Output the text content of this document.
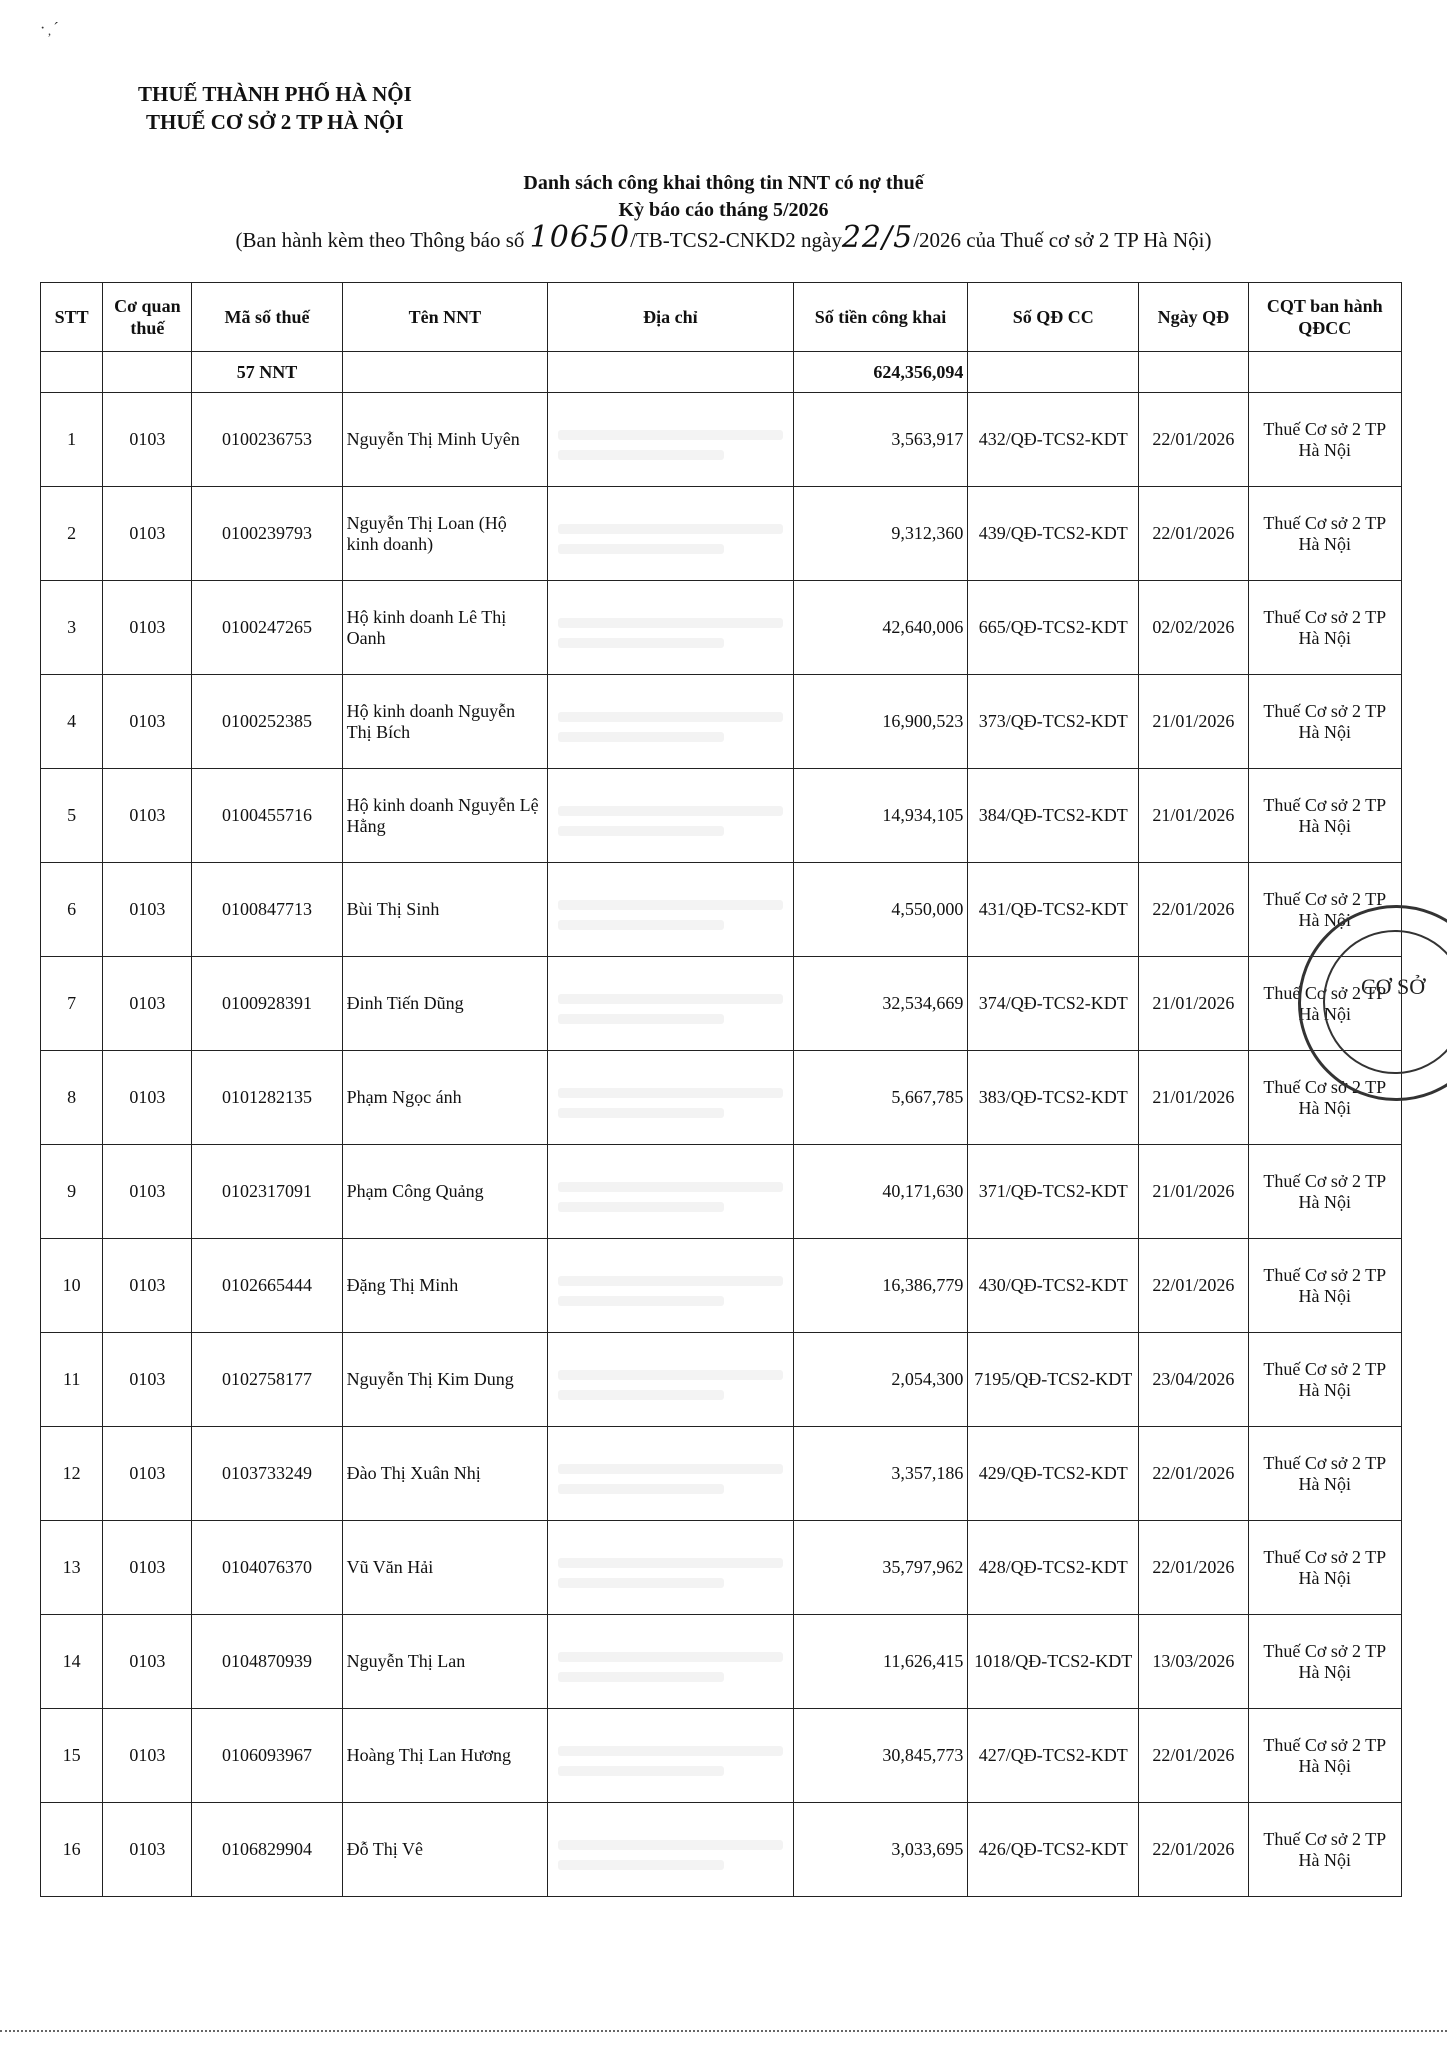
· ̦ ´
THUẾ THÀNH PHỐ HÀ NỘI
THUẾ CƠ SỞ 2 TP HÀ NỘI
Danh sách công khai thông tin NNT có nợ thuế
Kỳ báo cáo tháng 5/2026
(Ban hành kèm theo Thông báo số 10650/TB-TCS2-CNKD2 ngày22/5/2026 của Thuế cơ sở 2 TP Hà Nội)
STT	Cơ quan thuế	Mã số thuế	Tên NNT	Địa chỉ	Số tiền công khai	Số QĐ CC	Ngày QĐ	CQT ban hành QĐCC
		57 NNT			624,356,094			
1	0103	0100236753	Nguyễn Thị Minh Uyên		3,563,917	432/QĐ-TCS2-KDT	22/01/2026	Thuế Cơ sở 2 TP Hà Nội
2	0103	0100239793	Nguyễn Thị Loan (Hộ kinh doanh)		9,312,360	439/QĐ-TCS2-KDT	22/01/2026	Thuế Cơ sở 2 TP Hà Nội
3	0103	0100247265	Hộ kinh doanh Lê Thị Oanh		42,640,006	665/QĐ-TCS2-KDT	02/02/2026	Thuế Cơ sở 2 TP Hà Nội
4	0103	0100252385	Hộ kinh doanh Nguyễn Thị Bích		16,900,523	373/QĐ-TCS2-KDT	21/01/2026	Thuế Cơ sở 2 TP Hà Nội
5	0103	0100455716	Hộ kinh doanh Nguyễn Lệ Hằng		14,934,105	384/QĐ-TCS2-KDT	21/01/2026	Thuế Cơ sở 2 TP Hà Nội
6	0103	0100847713	Bùi Thị Sinh		4,550,000	431/QĐ-TCS2-KDT	22/01/2026	Thuế Cơ sở 2 TP Hà Nội
7	0103	0100928391	Đinh Tiến Dũng		32,534,669	374/QĐ-TCS2-KDT	21/01/2026	Thuế Cơ sở 2 TP Hà Nội
8	0103	0101282135	Phạm Ngọc ánh		5,667,785	383/QĐ-TCS2-KDT	21/01/2026	Thuế Cơ sở 2 TP Hà Nội
9	0103	0102317091	Phạm Công Quảng		40,171,630	371/QĐ-TCS2-KDT	21/01/2026	Thuế Cơ sở 2 TP Hà Nội
10	0103	0102665444	Đặng Thị Minh		16,386,779	430/QĐ-TCS2-KDT	22/01/2026	Thuế Cơ sở 2 TP Hà Nội
11	0103	0102758177	Nguyễn Thị Kim Dung		2,054,300	7195/QĐ-TCS2-KDT	23/04/2026	Thuế Cơ sở 2 TP Hà Nội
12	0103	0103733249	Đào Thị Xuân Nhị		3,357,186	429/QĐ-TCS2-KDT	22/01/2026	Thuế Cơ sở 2 TP Hà Nội
13	0103	0104076370	Vũ Văn Hải		35,797,962	428/QĐ-TCS2-KDT	22/01/2026	Thuế Cơ sở 2 TP Hà Nội
14	0103	0104870939	Nguyễn Thị Lan		11,626,415	1018/QĐ-TCS2-KDT	13/03/2026	Thuế Cơ sở 2 TP Hà Nội
15	0103	0106093967	Hoàng Thị Lan Hương		30,845,773	427/QĐ-TCS2-KDT	22/01/2026	Thuế Cơ sở 2 TP Hà Nội
16	0103	0106829904	Đỗ Thị Vê		3,033,695	426/QĐ-TCS2-KDT	22/01/2026	Thuế Cơ sở 2 TP Hà Nội
CƠ SỞ
